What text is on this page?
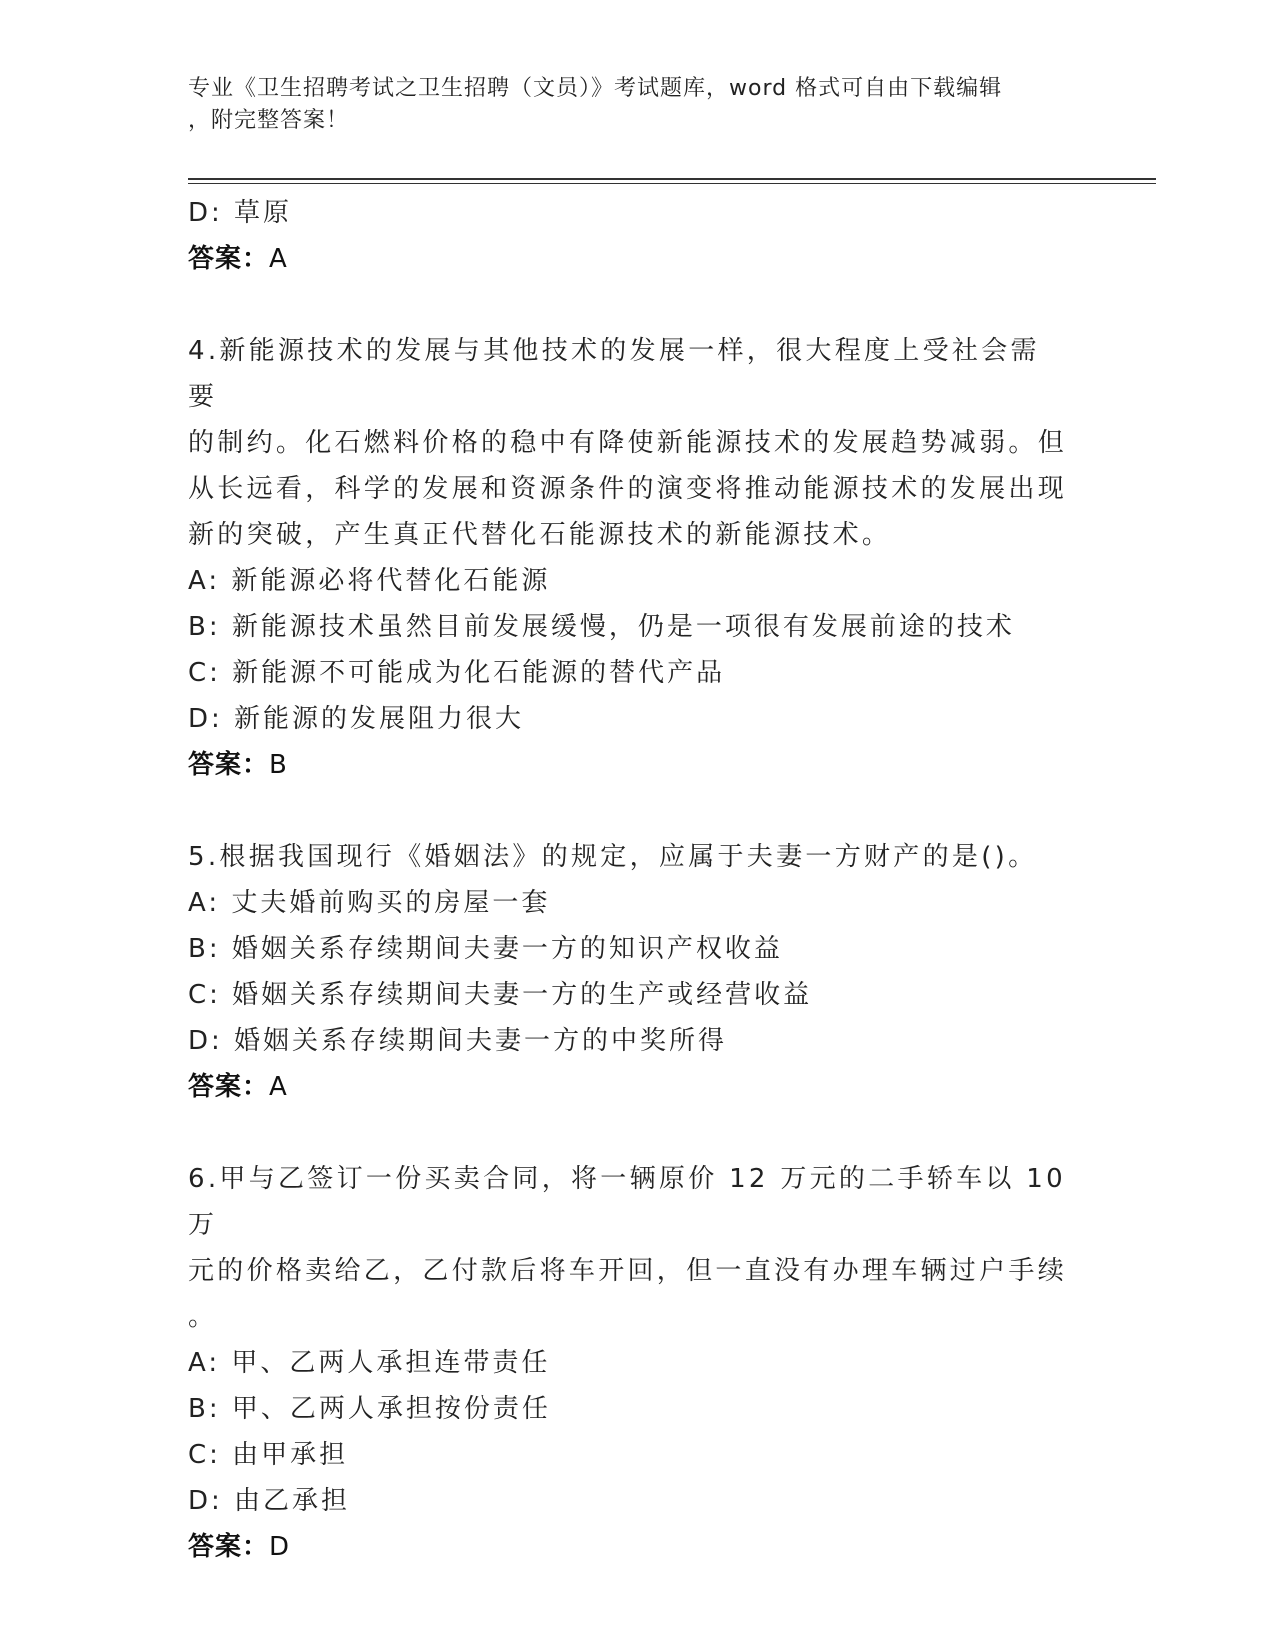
专业《卫生招聘考试之卫生招聘（文员）》考试题库，word 格式可自由下载编辑
，附完整答案！
D: 草原
答案：A
4.新能源技术的发展与其他技术的发展一样，很大程度上受社会需要
的制约。化石燃料价格的稳中有降使新能源技术的发展趋势减弱。但
从长远看，科学的发展和资源条件的演变将推动能源技术的发展出现
新的突破，产生真正代替化石能源技术的新能源技术。
A: 新能源必将代替化石能源
B: 新能源技术虽然目前发展缓慢，仍是一项很有发展前途的技术
C: 新能源不可能成为化石能源的替代产品
D: 新能源的发展阻力很大
答案：B
5.根据我国现行《婚姻法》的规定，应属于夫妻一方财产的是()。
A: 丈夫婚前购买的房屋一套
B: 婚姻关系存续期间夫妻一方的知识产权收益
C: 婚姻关系存续期间夫妻一方的生产或经营收益
D: 婚姻关系存续期间夫妻一方的中奖所得
答案：A
6.甲与乙签订一份买卖合同，将一辆原价 12 万元的二手轿车以 10 万
元的价格卖给乙，乙付款后将车开回，但一直没有办理车辆过户手续
。
A: 甲、乙两人承担连带责任
B: 甲、乙两人承担按份责任
C: 由甲承担
D: 由乙承担
答案：D
